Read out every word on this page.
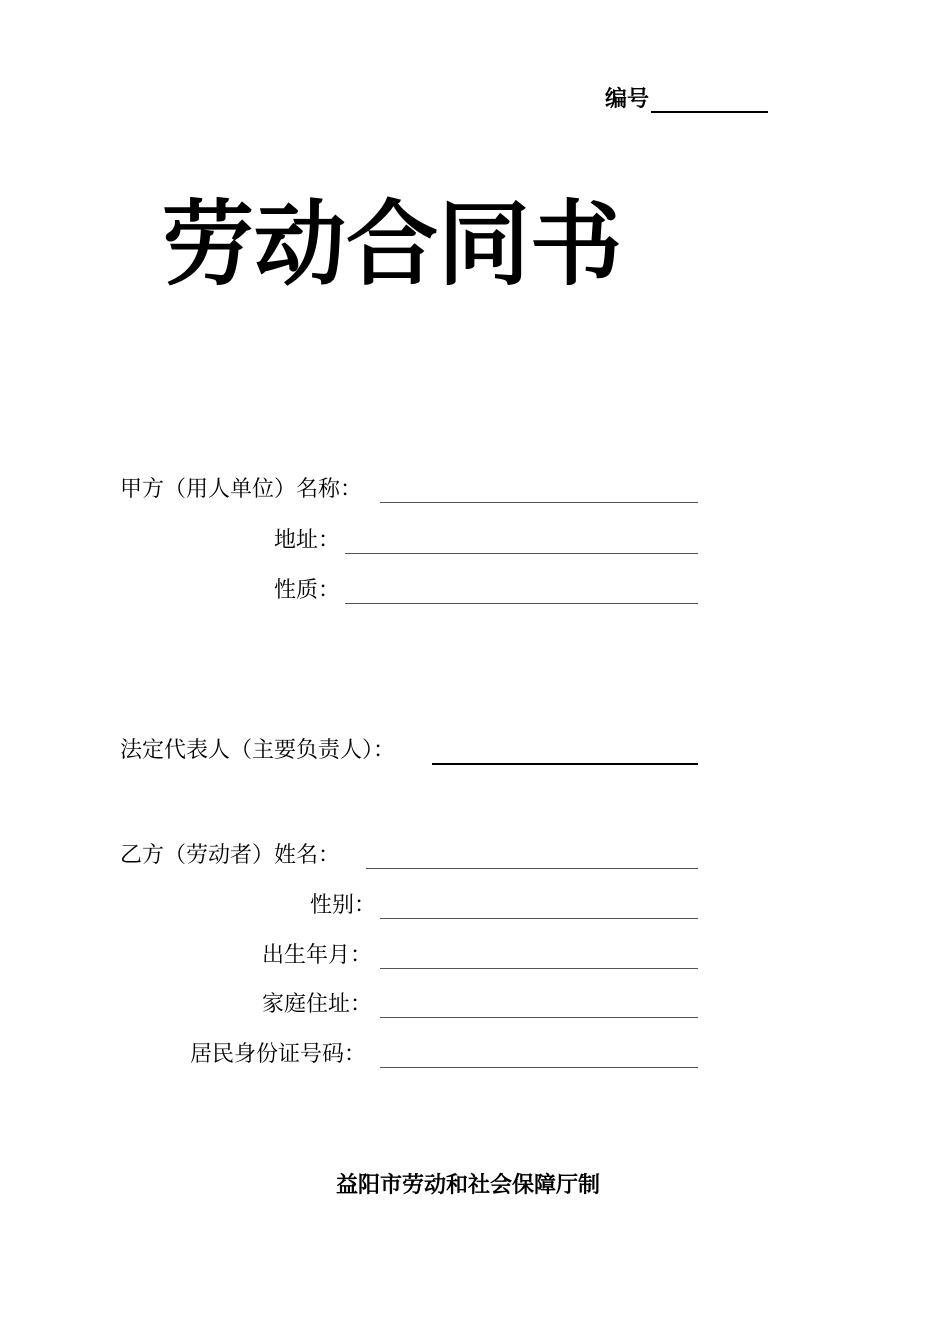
编号
劳动合同书
甲方（用人单位）名称：
地址：
性质：
法定代表人（主要负责人）：
乙方（劳动者）姓名：
性别：
出生年月：
家庭住址：
居民身份证号码：
益阳市劳动和社会保障厅制
